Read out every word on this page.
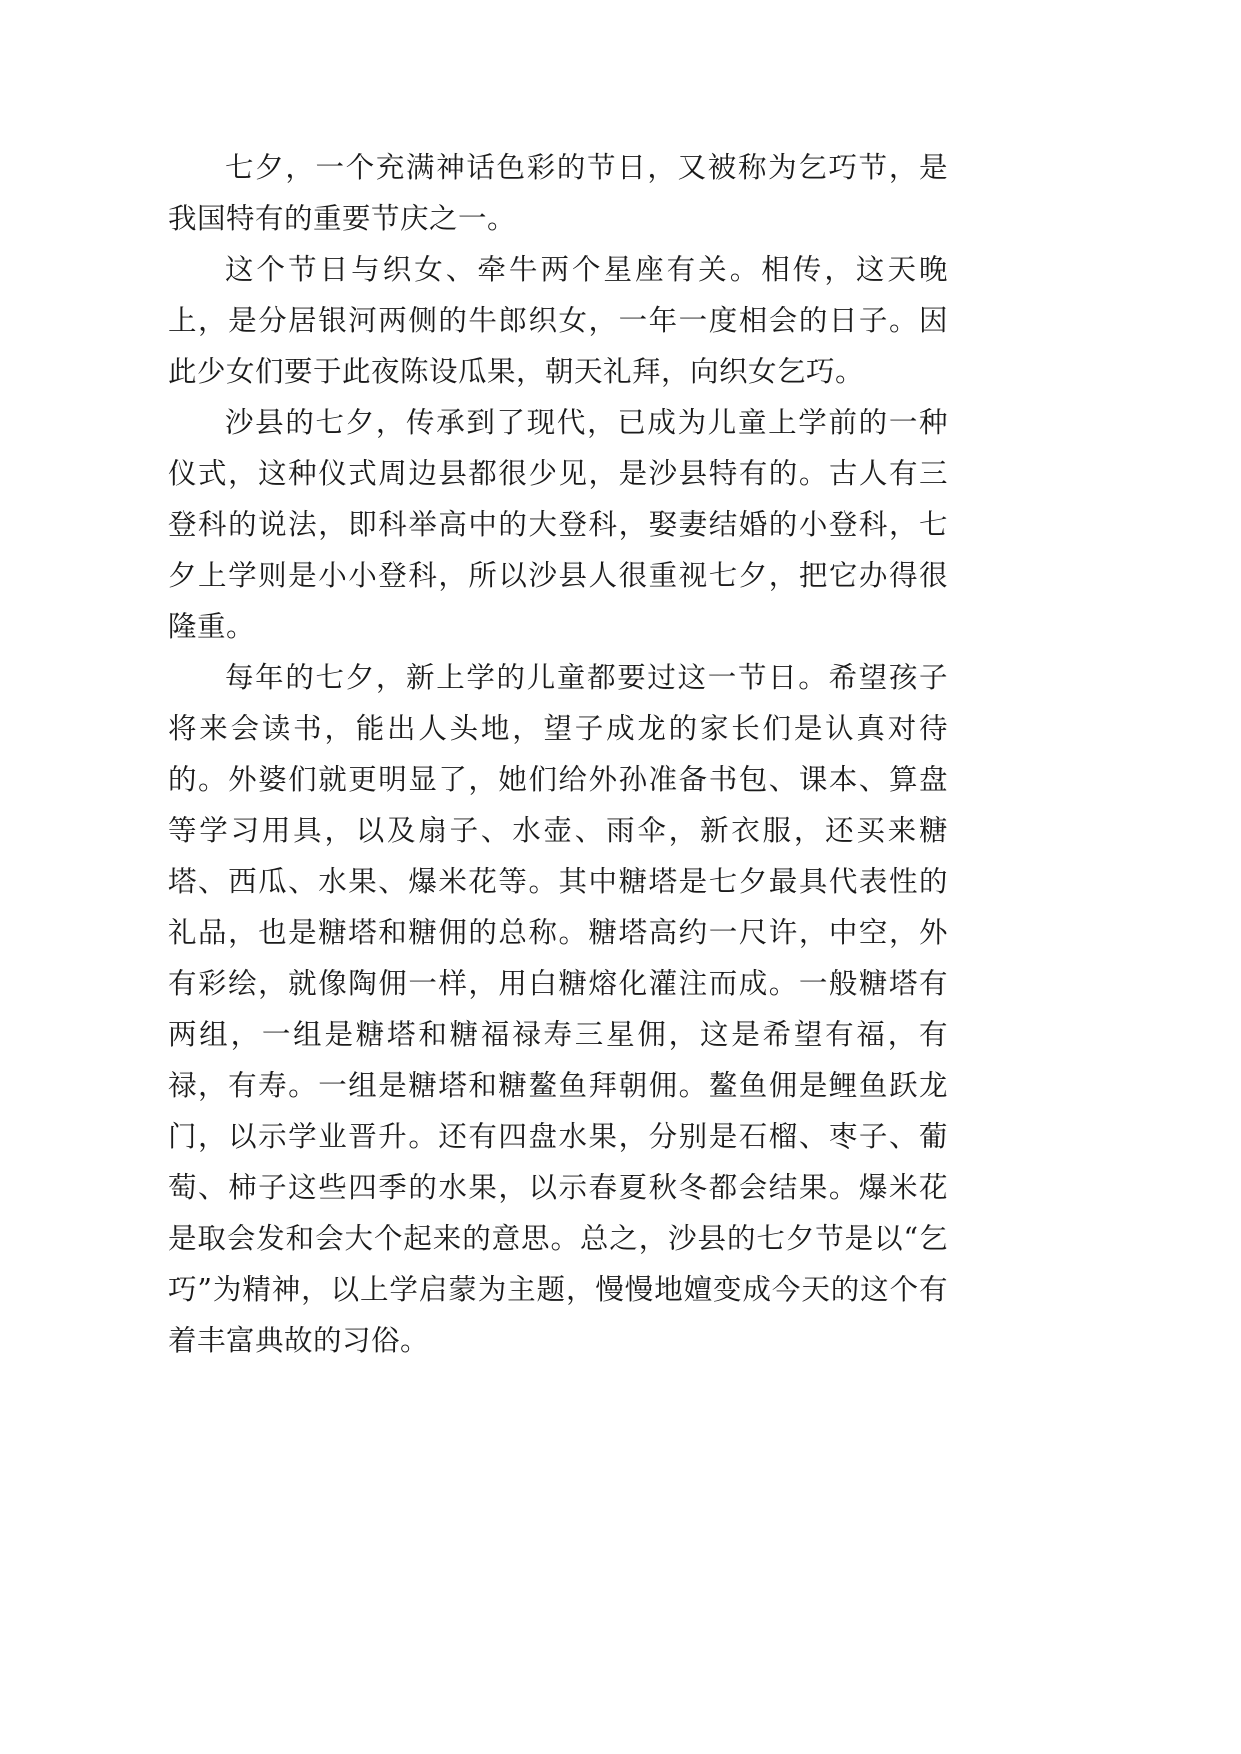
七夕，一个充满神话色彩的节日，又被称为乞巧节，是我国特有的重要节庆之一。

这个节日与织女、牵牛两个星座有关。相传，这天晚上，是分居银河两侧的牛郎织女，一年一度相会的日子。因此少女们要于此夜陈设瓜果，朝天礼拜，向织女乞巧。

沙县的七夕，传承到了现代，已成为儿童上学前的一种仪式，这种仪式周边县都很少见，是沙县特有的。古人有三登科的说法，即科举高中的大登科，娶妻结婚的小登科，七夕上学则是小小登科，所以沙县人很重视七夕，把它办得很隆重。

每年的七夕，新上学的儿童都要过这一节日。希望孩子将来会读书，能出人头地，望子成龙的家长们是认真对待的。外婆们就更明显了，她们给外孙准备书包、课本、算盘等学习用具，以及扇子、水壶、雨伞，新衣服，还买来糖塔、西瓜、水果、爆米花等。其中糖塔是七夕最具代表性的礼品，也是糖塔和糖佣的总称。糖塔高约一尺许，中空，外有彩绘，就像陶佣一样，用白糖熔化灌注而成。一般糖塔有两组，一组是糖塔和糖福禄寿三星佣，这是希望有福，有禄，有寿。一组是糖塔和糖鳌鱼拜朝佣。鳌鱼佣是鲤鱼跃龙门，以示学业晋升。还有四盘水果，分别是石榴、枣子、葡萄、柿子这些四季的水果，以示春夏秋冬都会结果。爆米花是取会发和会大个起来的意思。总之，沙县的七夕节是以“乞巧”为精神，以上学启蒙为主题，慢慢地嬗变成今天的这个有着丰富典故的习俗。
